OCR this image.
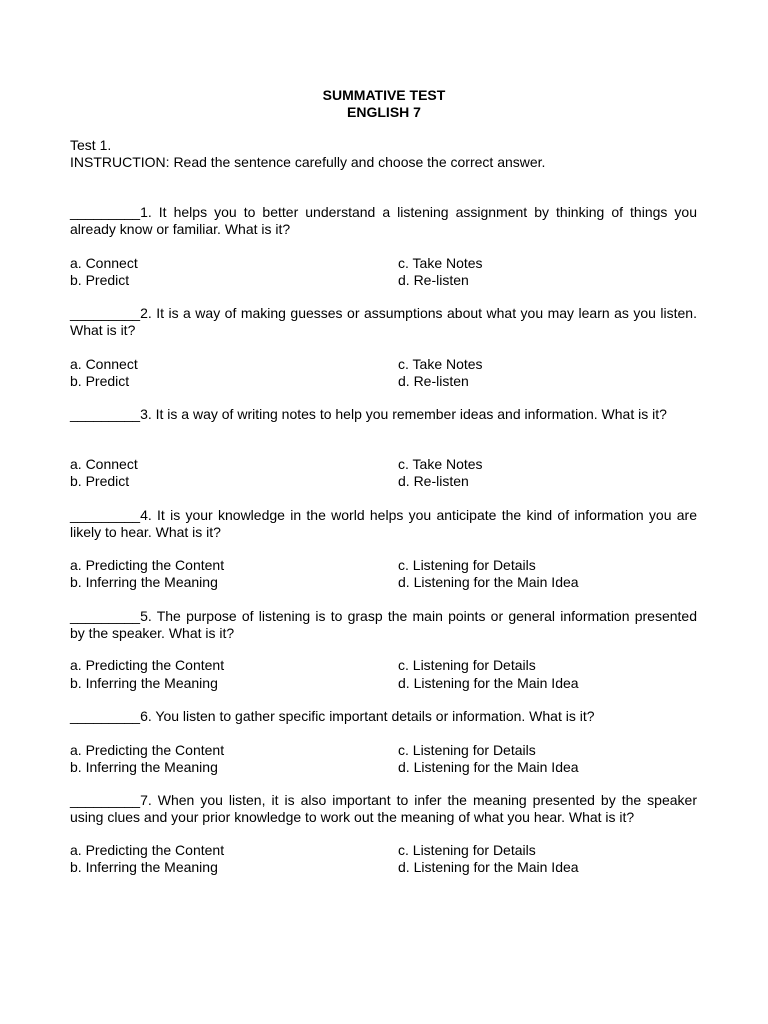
SUMMATIVE TEST
ENGLISH 7
Test 1.
INSTRUCTION: Read the sentence carefully and choose the correct answer.
_________1. It helps you to better understand a listening assignment by thinking of things you already know or familiar. What is it?
a. Connect
b. Predict
c. Take Notes
d. Re-listen
_________2. It is a way of making guesses or assumptions about what you may learn as you listen. What is it?
a. Connect
b. Predict
c. Take Notes
d. Re-listen
_________3. It is a way of writing notes to help you remember ideas and information. What is it?
a. Connect
b. Predict
c. Take Notes
d. Re-listen
_________4. It is your knowledge in the world helps you anticipate the kind of information you are likely to hear. What is it?
a. Predicting the Content
b. Inferring the Meaning
c. Listening for Details
d. Listening for the Main Idea
_________5. The purpose of listening is to grasp the main points or general information presented by the speaker. What is it?
a. Predicting the Content
b. Inferring the Meaning
c. Listening for Details
d. Listening for the Main Idea
_________6. You listen to gather specific important details or information. What is it?
a. Predicting the Content
b. Inferring the Meaning
c. Listening for Details
d. Listening for the Main Idea
_________7. When you listen, it is also important to infer the meaning presented by the speaker using clues and your prior knowledge to work out the meaning of what you hear. What is it?
a. Predicting the Content
b. Inferring the Meaning
c. Listening for Details
d. Listening for the Main Idea
